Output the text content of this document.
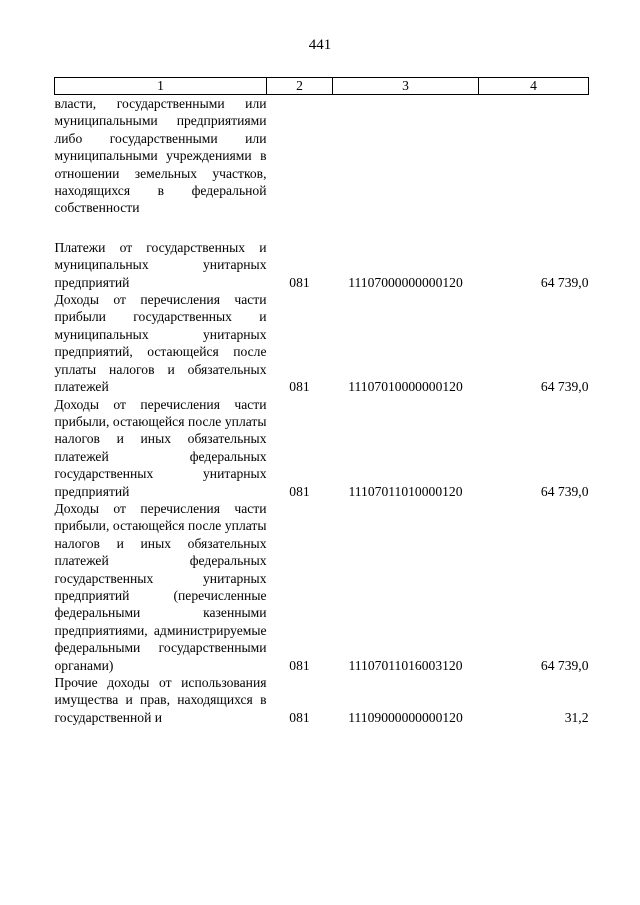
441
1	2	3	4
власти, государственными или муниципальными предприятиями либо государственными или муниципальными учреждениями в отношении земельных участков, находящихся в федеральной собственности			

Платежи от государственных и муниципальных унитарных предприятий	081	11107000000000120	64 739,0
Доходы от перечисления части прибыли государственных и муниципальных унитарных предприятий, остающейся после уплаты налогов и обязательных платежей	081	11107010000000120	64 739,0
Доходы от перечисления части прибыли, остающейся после уплаты налогов и иных обязательных платежей федеральных государственных унитарных предприятий	081	11107011010000120	64 739,0
Доходы от перечисления части прибыли, остающейся после уплаты налогов и иных обязательных платежей федеральных государственных унитарных предприятий (перечисленные федеральными казенными предприятиями, администрируемые федеральными государственными органами)	081	11107011016003120	64 739,0
Прочие доходы от использования имущества и прав, находящихся в государственной и	081	11109000000000120	31,2
